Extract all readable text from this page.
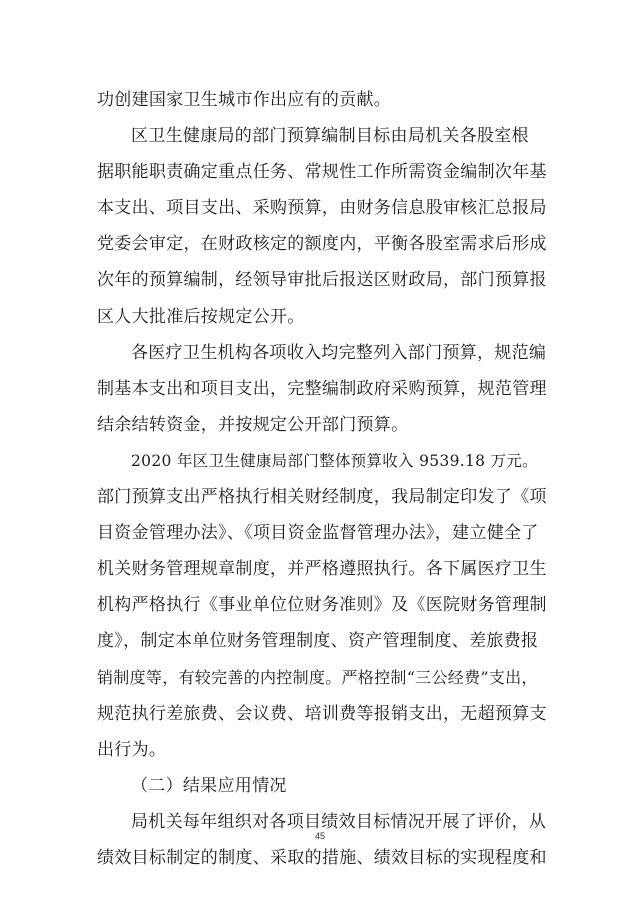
功创建国家卫生城市作出应有的贡献。
区卫生健康局的部门预算编制目标由局机关各股室根
据职能职责确定重点任务、常规性工作所需资金编制次年基
本支出、项目支出、采购预算，由财务信息股审核汇总报局
党委会审定，在财政核定的额度内，平衡各股室需求后形成
次年的预算编制，经领导审批后报送区财政局，部门预算报
区人大批准后按规定公开。
各医疗卫生机构各项收入均完整列入部门预算，规范编
制基本支出和项目支出，完整编制政府采购预算，规范管理
结余结转资金，并按规定公开部门预算。
2020 年区卫生健康局部门整体预算收入 9539.18 万元。
部门预算支出严格执行相关财经制度，我局制定印发了《项
目资金管理办法》、《项目资金监督管理办法》，建立健全了
机关财务管理规章制度，并严格遵照执行。各下属医疗卫生
机构严格执行《事业单位位财务准则》及《医院财务管理制
度》，制定本单位财务管理制度、资产管理制度、差旅费报
销制度等，有较完善的内控制度。严格控制“三公经费”支出，
规范执行差旅费、会议费、培训费等报销支出，无超预算支
出行为。
（二）结果应用情况
局机关每年组织对各项目绩效目标情况开展了评价，从
绩效目标制定的制度、采取的措施、绩效目标的实现程度和
45
